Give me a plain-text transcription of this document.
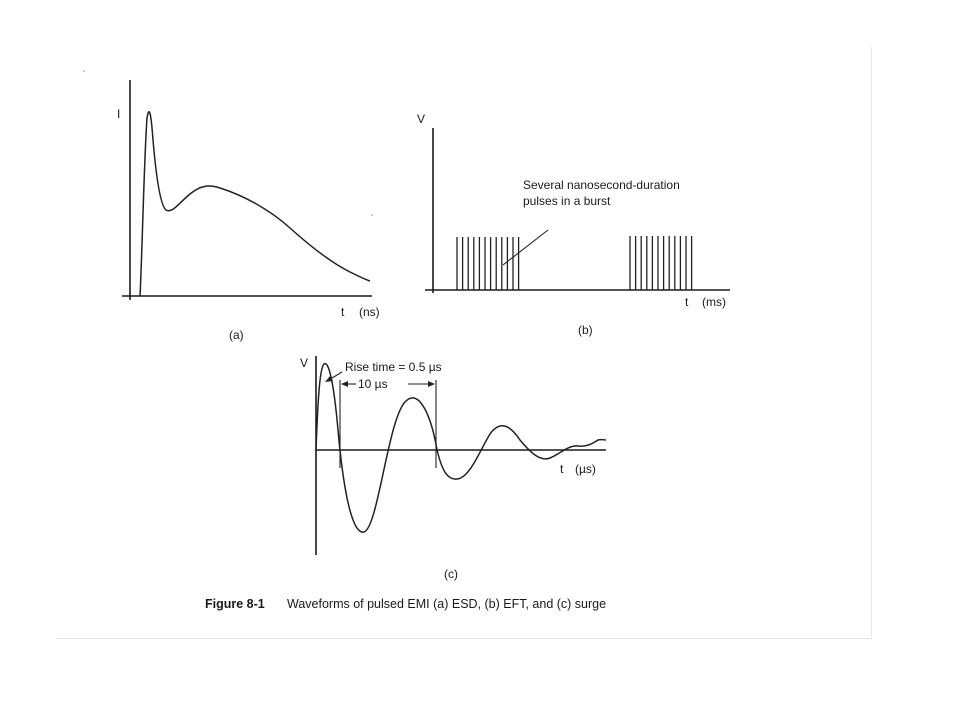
I
t (ns)
(a)
V
Several nanosecond-duration
pulses in a burst
t (ms)
(b)
V	Rise time = 0.5 µs
10 µs
t (µs)
(c)
Figure 8-1 Waveforms of pulsed EMI (a) ESD, (b) EFT, and (c) surge
